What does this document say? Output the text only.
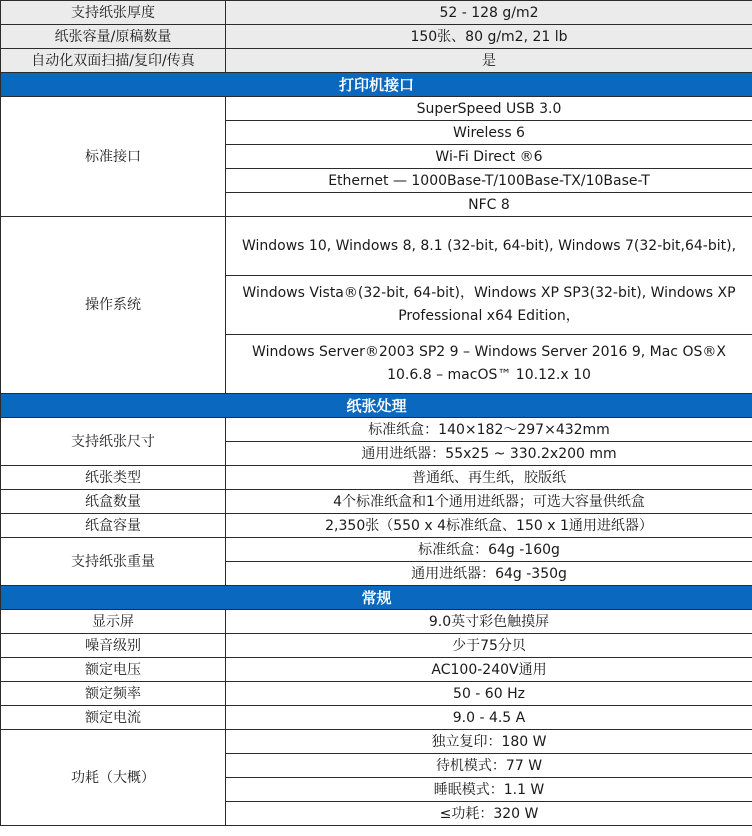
支持纸张厚度	52 - 128 g/m2
纸张容量/原稿数量	150张、80 g/m2, 21 lb
自动化双面扫描/复印/传真	是
打印机接口	
标准接口	SuperSpeed USB 3.0
	Wireless 6
	Wi-Fi Direct ®6
	Ethernet — 1000Base-T/100Base-TX/10Base-T
	NFC 8
操作系统	Windows 10, Windows 8, 8.1 (32-bit, 64-bit), Windows 7(32-bit,64-bit),
	Windows Vista®(32-bit, 64-bit)，Windows XP SP3(32-bit), Windows XP Professional x64 Edition，
	Windows Server®2003 SP2 9 – Windows Server 2016 9, Mac OS®X 10.6.8 – macOS™ 10.12.x 10
纸张处理	
支持纸张尺寸	标准纸盒：140×182～297×432mm
	通用进纸器：55x25 ~ 330.2x200 mm
纸张类型	普通纸、再生纸，胶版纸
纸盒数量	4个标准纸盒和1个通用进纸器；可选大容量供纸盒
纸盒容量	2,350张（550 x 4标准纸盒、150 x 1通用进纸器）
支持纸张重量	标准纸盒：64g -160g
	通用进纸器：64g -350g
常规	
显示屏	9.0英寸彩色触摸屏
噪音级别	少于75分贝
额定电压	AC100-240V通用
额定频率	50 - 60 Hz
额定电流	9.0 - 4.5 A
功耗（大概）	独立复印：180 W
	待机模式：77 W
	睡眠模式：1.1 W
	≤功耗：320 W
